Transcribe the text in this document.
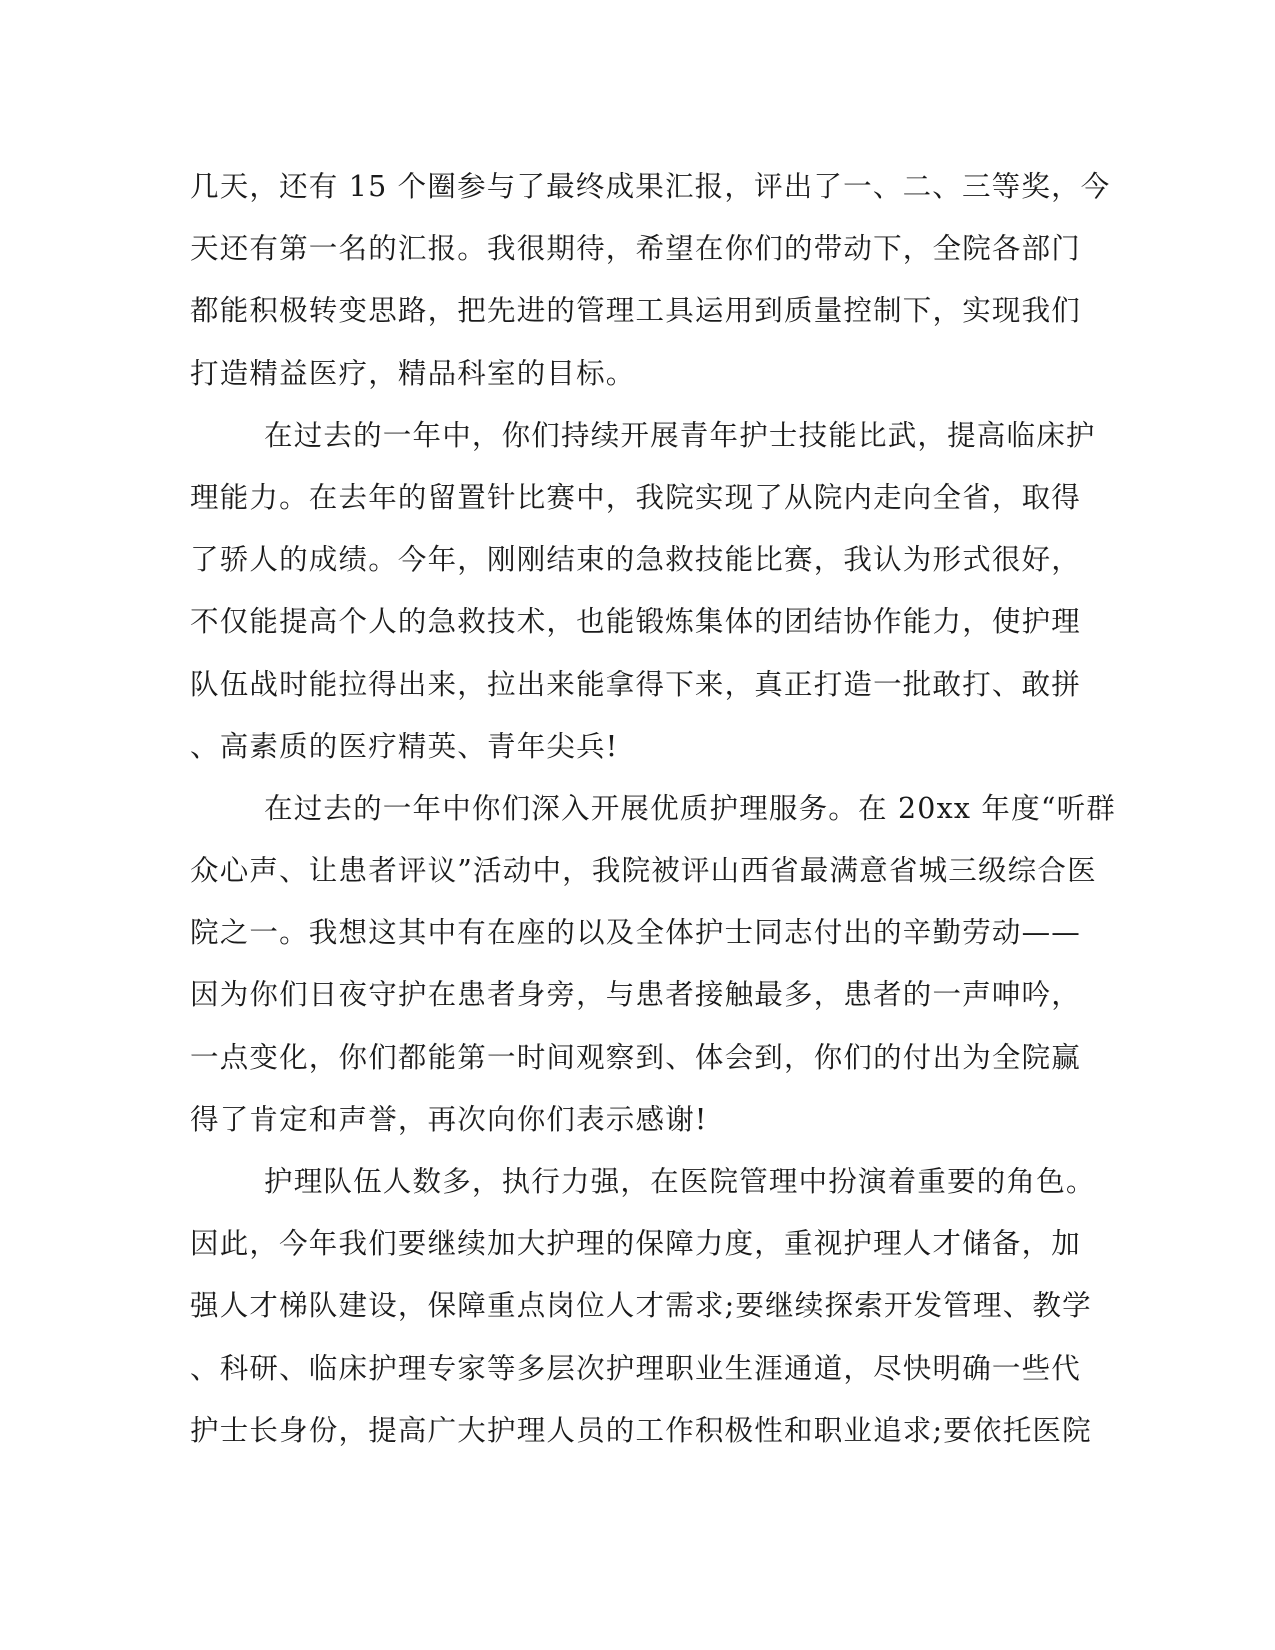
几天，还有 15 个圈参与了最终成果汇报，评出了一、二、三等奖，今
天还有第一名的汇报。我很期待，希望在你们的带动下，全院各部门
都能积极转变思路，把先进的管理工具运用到质量控制下，实现我们
打造精益医疗，精品科室的目标。
在过去的一年中，你们持续开展青年护士技能比武，提高临床护
理能力。在去年的留置针比赛中，我院实现了从院内走向全省，取得
了骄人的成绩。今年，刚刚结束的急救技能比赛，我认为形式很好，
不仅能提高个人的急救技术，也能锻炼集体的团结协作能力，使护理
队伍战时能拉得出来，拉出来能拿得下来，真正打造一批敢打、敢拼
、高素质的医疗精英、青年尖兵!
在过去的一年中你们深入开展优质护理服务。在 20xx 年度“听群
众心声、让患者评议”活动中，我院被评山西省最满意省城三级综合医
院之一。我想这其中有在座的以及全体护士同志付出的辛勤劳动——
因为你们日夜守护在患者身旁，与患者接触最多，患者的一声呻吟，
一点变化，你们都能第一时间观察到、体会到，你们的付出为全院赢
得了肯定和声誉，再次向你们表示感谢!
护理队伍人数多，执行力强，在医院管理中扮演着重要的角色。
因此，今年我们要继续加大护理的保障力度，重视护理人才储备，加
强人才梯队建设，保障重点岗位人才需求;要继续探索开发管理、教学
、科研、临床护理专家等多层次护理职业生涯通道，尽快明确一些代
护士长身份，提高广大护理人员的工作积极性和职业追求;要依托医院
